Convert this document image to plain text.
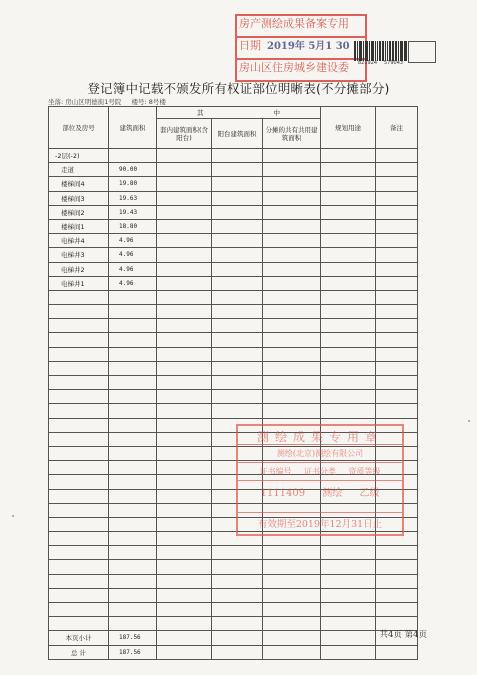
房产测绘成果备案专用
日期 2019年 5月1 30
房山区住房城乡建设委	821924 579043
登记簿中记载不颁发所有权证部位明晰表(不分摊部分)
坐落: 房山区明德街1号院 楼号: 8号楼
部位及房号	建筑面积	其 中			规划用途	备注
		套内建筑面积(含阳台)	阳台建筑面积	分摊的共有共用建筑面积		
-2层(-2)						
走道	90.00					
楼梯间4	19.80					
楼梯间3	19.63					
楼梯间2	19.43					
楼梯间1	18.80					
电梯井4	4.96					
电梯井3	4.96					
电梯井2	4.96					
电梯井1	4.96					

本页小计	187.56					
总 计	187.56					
测绘成果专用章
测绘(北京)测绘有限公司
证书编号 证书分类 资质等级
1111409 测绘 乙级
有效期至2019年12月31日止
共4页 第4页
